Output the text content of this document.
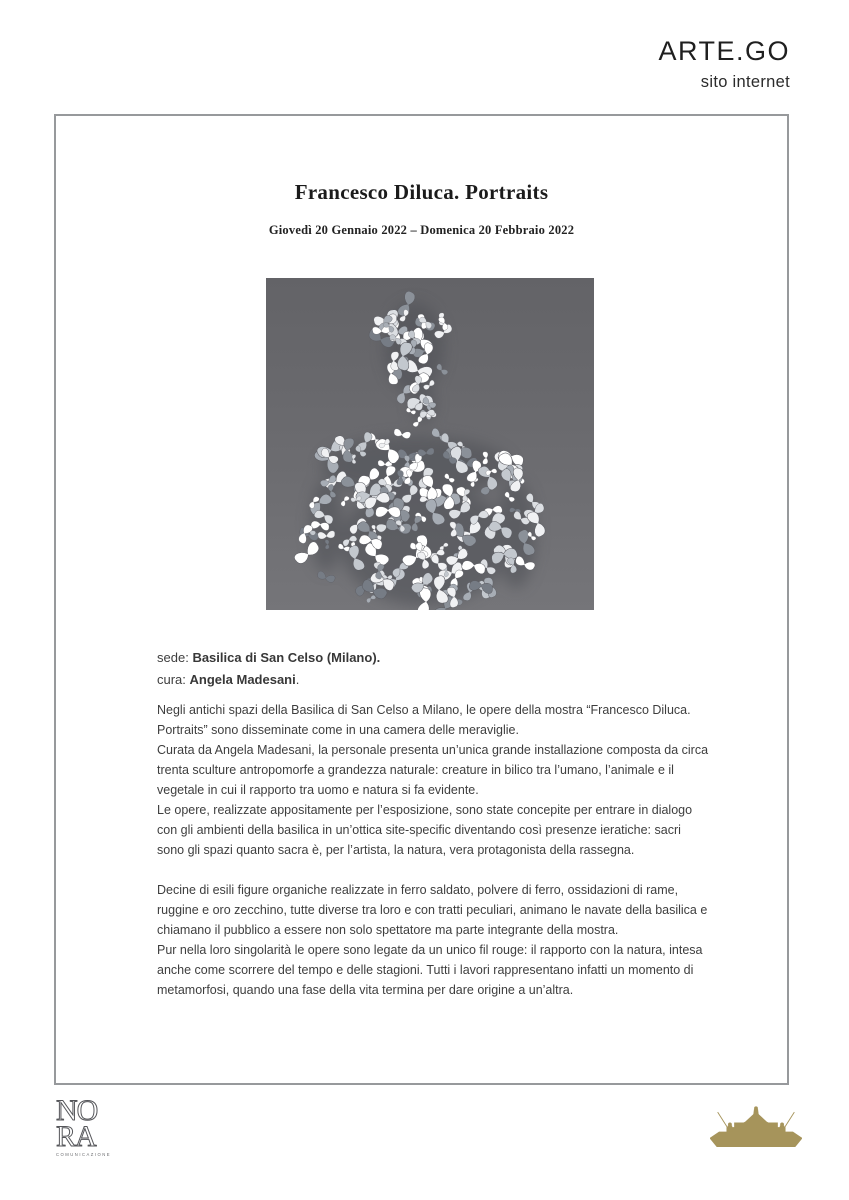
ARTE.GO
sito internet
Francesco Diluca. Portraits
Giovedì 20 Gennaio 2022 – Domenica 20 Febbraio 2022
sede: Basilica di San Celso (Milano).
cura: Angela Madesani.

Negli antichi spazi della Basilica di San Celso a Milano, le opere della mostra “Francesco Diluca. Portraits” sono disseminate come in una camera delle meraviglie.

Curata da Angela Madesani, la personale presenta un’unica grande installazione composta da circa trenta sculture antropomorfe a grandezza naturale: creature in bilico tra l’umano, l’animale e il vegetale in cui il rapporto tra uomo e natura si fa evidente.

Le opere, realizzate appositamente per l’esposizione, sono state concepite per entrare in dialogo con gli ambienti della basilica in un’ottica site-specific diventando così presenze ieratiche: sacri sono gli spazi quanto sacra è, per l’artista, la natura, vera protagonista della rassegna.

Decine di esili figure organiche realizzate in ferro saldato, polvere di ferro, ossidazioni di rame, ruggine e oro zecchino, tutte diverse tra loro e con tratti peculiari, animano le navate della basilica e chiamano il pubblico a essere non solo spettatore ma parte integrante della mostra.

Pur nella loro singolarità le opere sono legate da un unico fil rouge: il rapporto con la natura, intesa anche come scorrere del tempo e delle stagioni. Tutti i lavori rappresentano infatti un momento di metamorfosi, quando una fase della vita termina per dare origine a un’altra.

NO
RA
COMUNICAZIONE
